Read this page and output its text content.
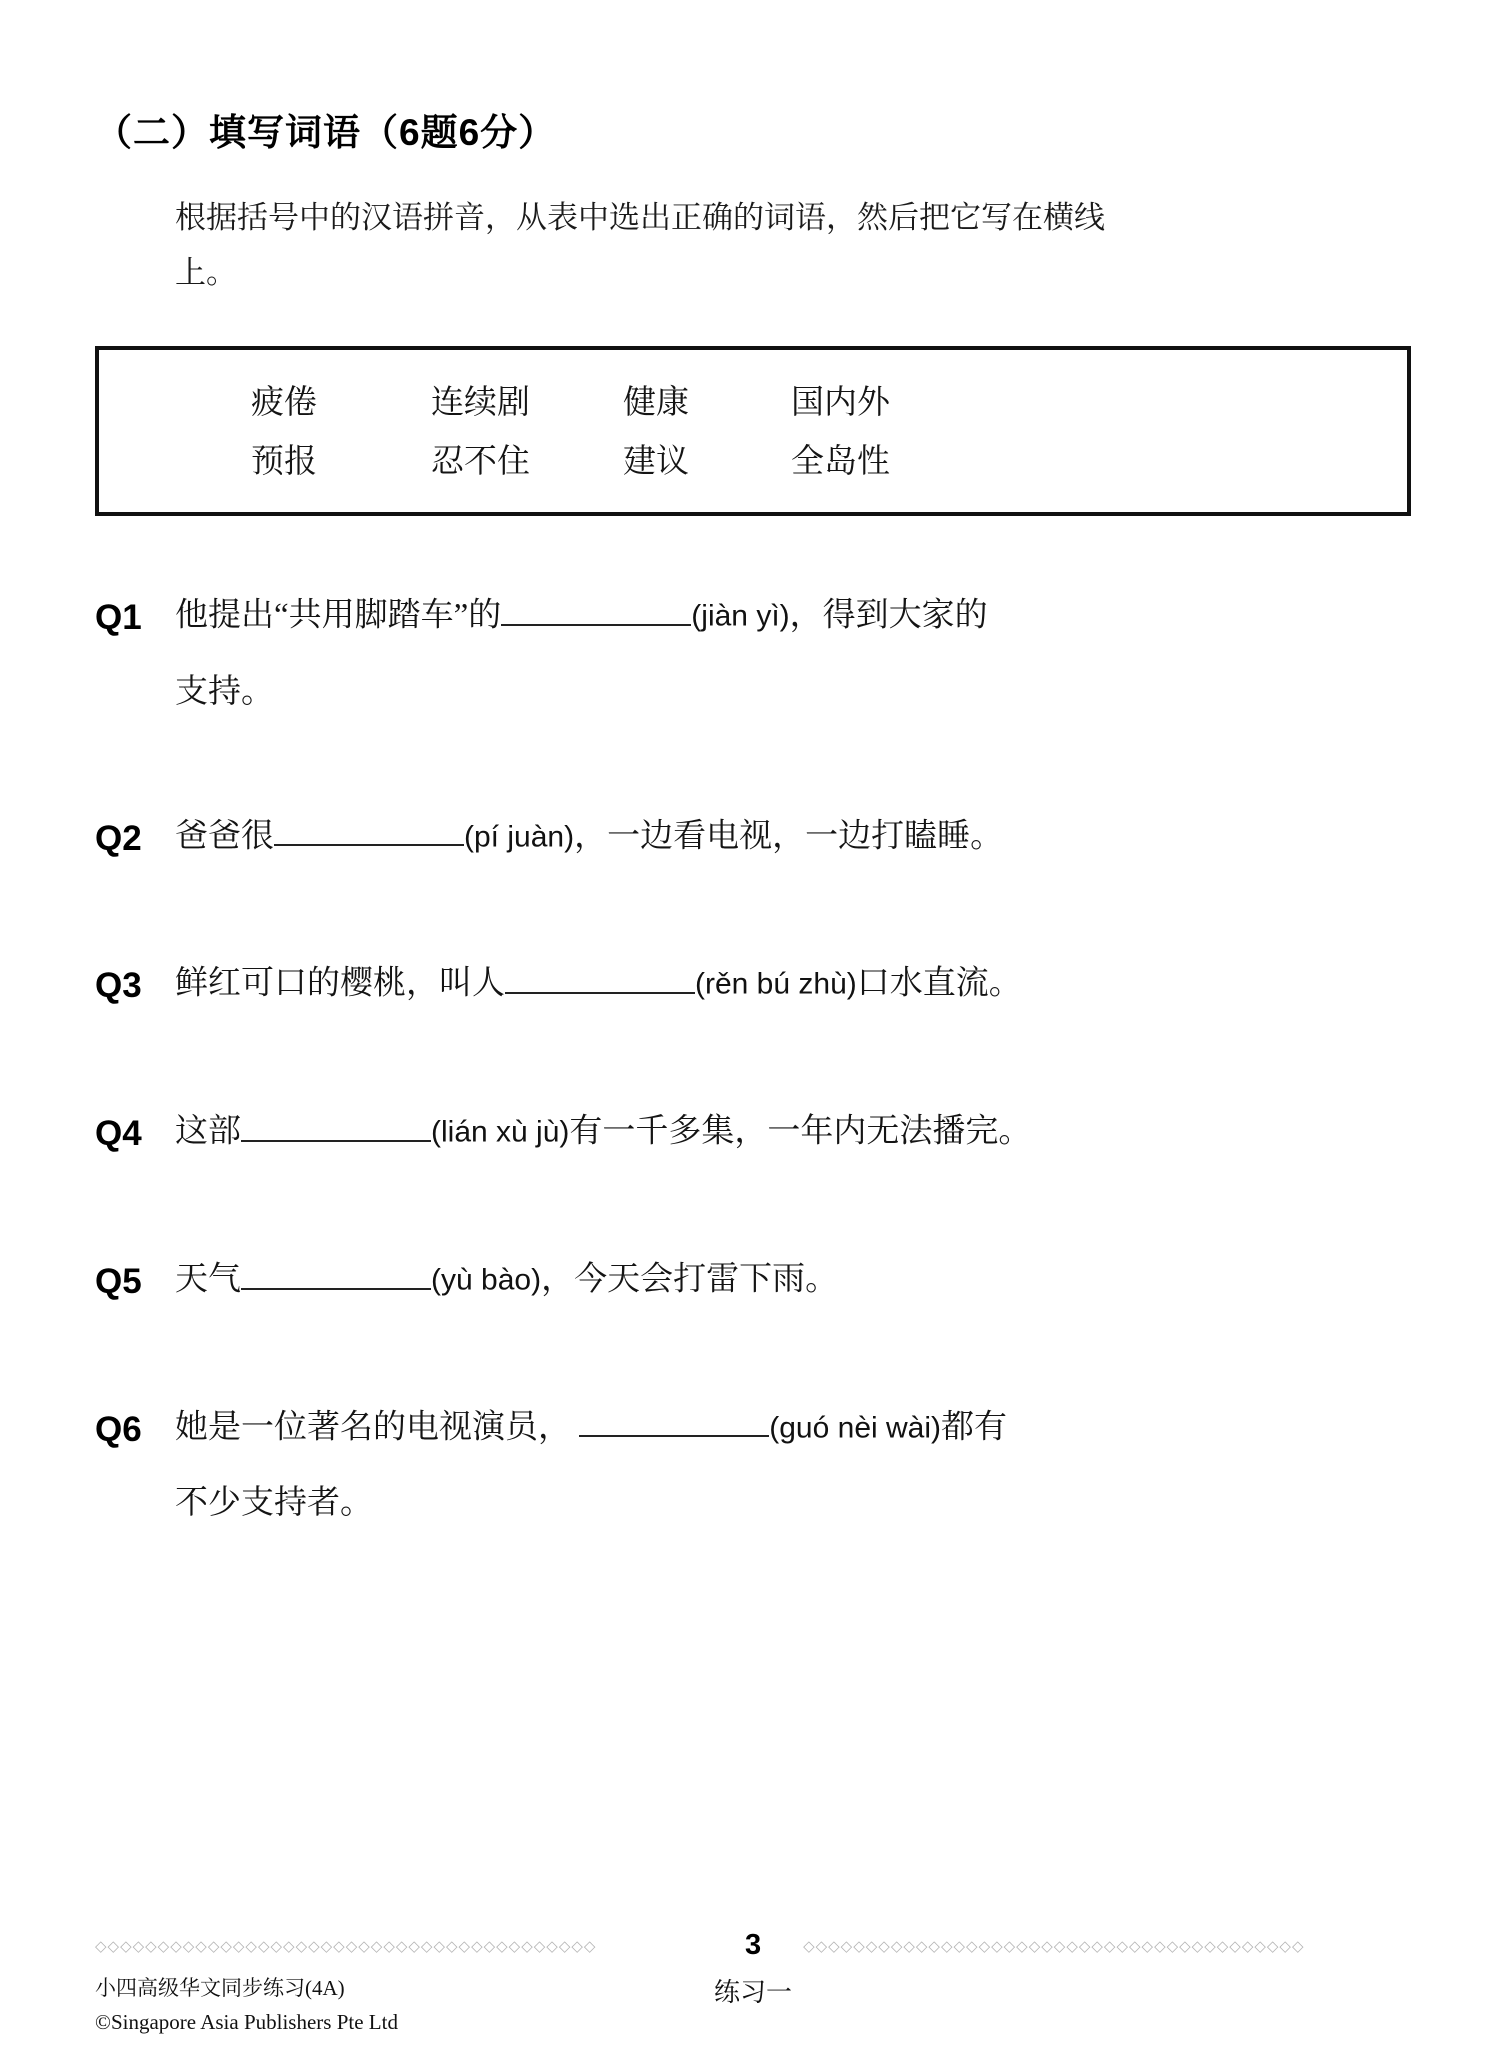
（二）填写词语（6题6分）
根据括号中的汉语拼音，从表中选出正确的词语，然后把它写在横线
上。
疲倦	连续剧	健康	国内外
预报	忍不住	建议	全岛性
Q1	他提出“共用脚踏车”的	(jiàn yì)，得到大家的
支持。
Q2	爸爸很	(pí juàn)，一边看电视，一边打瞌睡。
Q3	鲜红可口的樱桃，叫人	(rěn bú zhù)口水直流。
Q4	这部	(lián xù jù)有一千多集，一年内无法播完。
Q5	天气	(yù bào)，今天会打雷下雨。
Q6	她是一位著名的电视演员，	(guó nèi wài)都有
不少支持者。
◇◇◇◇◇◇◇◇◇◇◇◇◇◇◇◇◇◇◇◇◇◇◇◇◇◇◇◇◇◇◇◇◇◇◇◇◇◇◇◇	3	◇◇◇◇◇◇◇◇◇◇◇◇◇◇◇◇◇◇◇◇◇◇◇◇◇◇◇◇◇◇◇◇◇◇◇◇◇◇◇◇
小四高级华文同步练习(4A)	练习一
©Singapore Asia Publishers Pte Ltd
